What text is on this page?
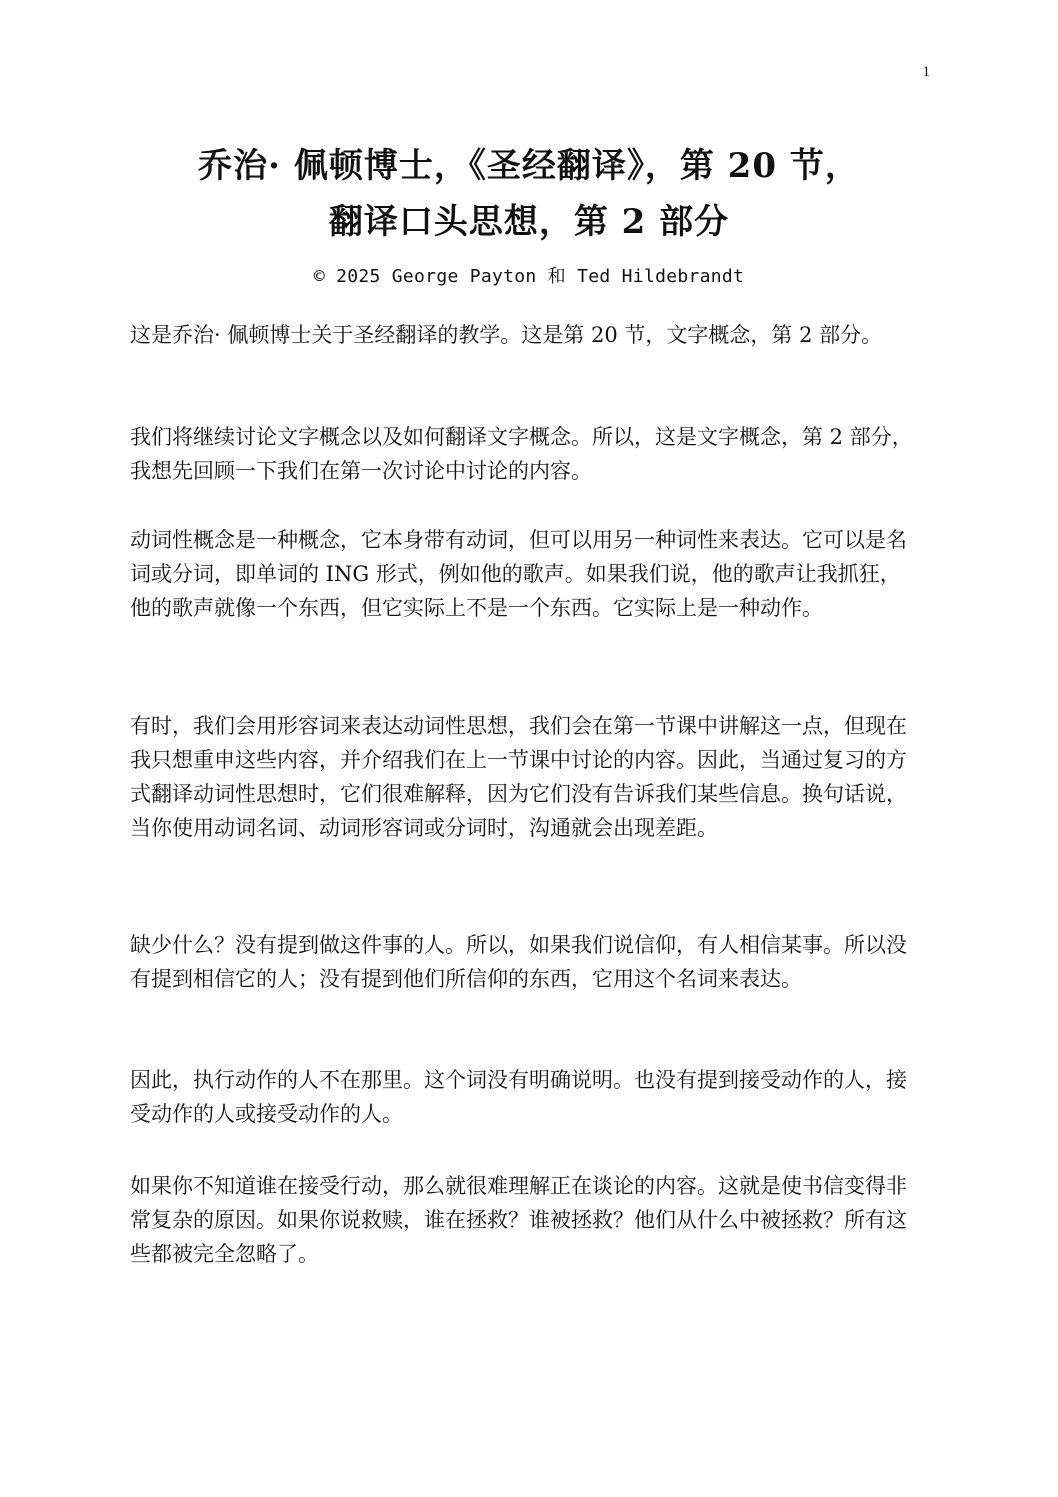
1
乔治· 佩顿博士，《圣经翻译》，第 20 节，
翻译口头思想，第 2 部分
© 2025 George Payton 和 Ted Hildebrandt

这是乔治· 佩顿博士关于圣经翻译的教学。这是第 20 节，文字概念，第 2 部分。

我们将继续讨论文字概念以及如何翻译文字概念。所以，这是文字概念，第 2 部分，我想先回顾一下我们在第一次讨论中讨论的内容。

动词性概念是一种概念，它本身带有动词，但可以用另一种词性来表达。它可以是名词或分词，即单词的 ING 形式，例如他的歌声。如果我们说，他的歌声让我抓狂，他的歌声就像一个东西，但它实际上不是一个东西。它实际上是一种动作。

有时，我们会用形容词来表达动词性思想，我们会在第一节课中讲解这一点，但现在我只想重申这些内容，并介绍我们在上一节课中讨论的内容。因此，当通过复习的方式翻译动词性思想时，它们很难解释，因为它们没有告诉我们某些信息。换句话说，当你使用动词名词、动词形容词或分词时，沟通就会出现差距。

缺少什么？没有提到做这件事的人。所以，如果我们说信仰，有人相信某事。所以没有提到相信它的人；没有提到他们所信仰的东西，它用这个名词来表达。

因此，执行动作的人不在那里。这个词没有明确说明。也没有提到接受动作的人，接受动作的人或接受动作的人。

如果你不知道谁在接受行动，那么就很难理解正在谈论的内容。这就是使书信变得非常复杂的原因。如果你说救赎，谁在拯救？谁被拯救？他们从什么中被拯救？所有这些都被完全忽略了。
